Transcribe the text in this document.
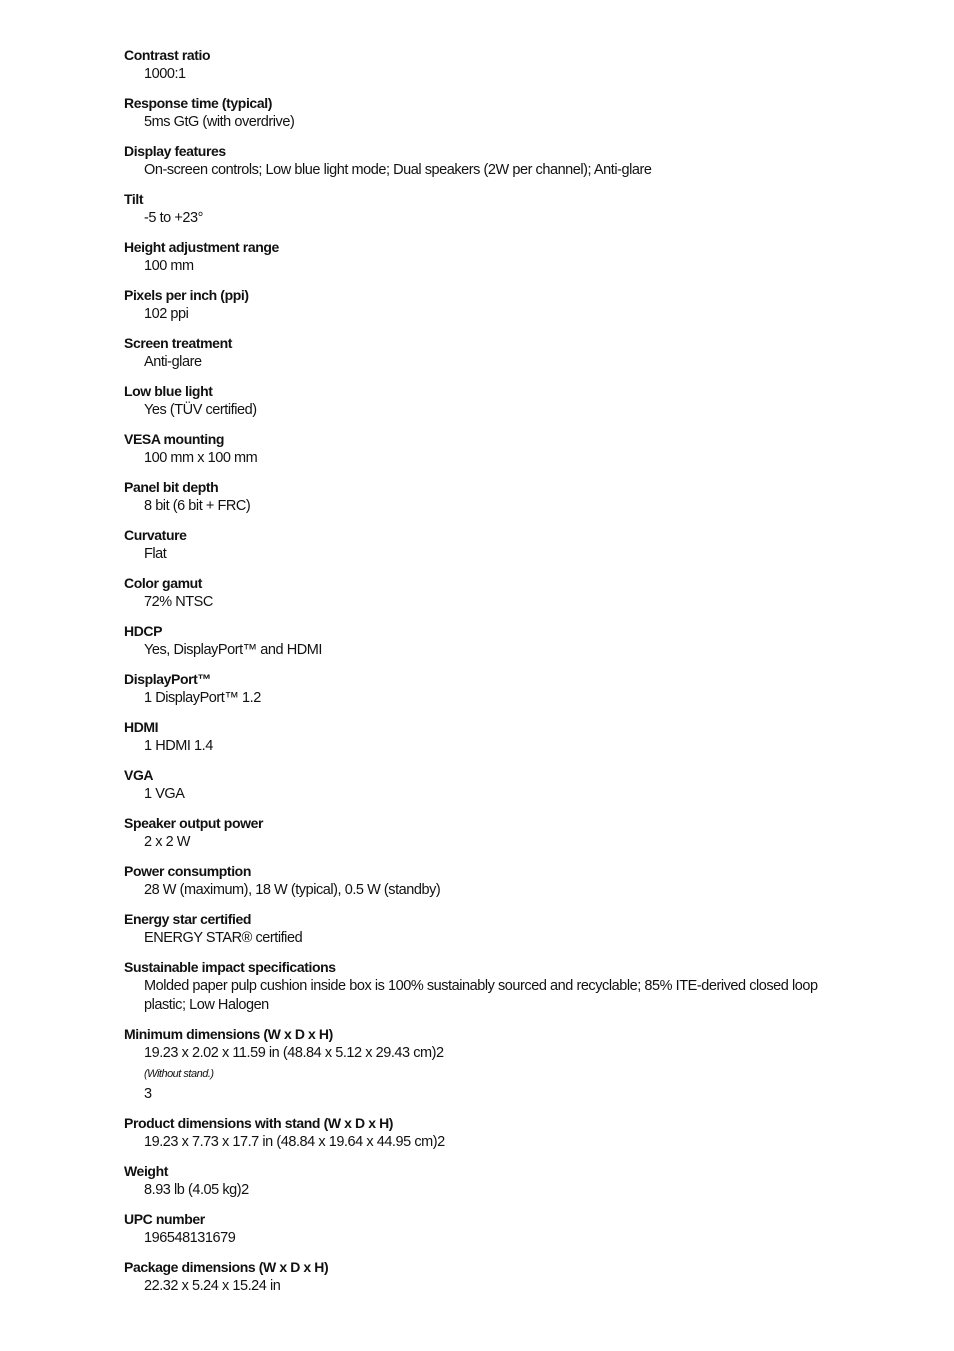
Contrast ratio
1000:1
Response time (typical)
5ms GtG (with overdrive)
Display features
On-screen controls; Low blue light mode; Dual speakers (2W per channel); Anti-glare
Tilt
-5 to +23°
Height adjustment range
100 mm
Pixels per inch (ppi)
102 ppi
Screen treatment
Anti-glare
Low blue light
Yes (TÜV certified)
VESA mounting
100 mm x 100 mm
Panel bit depth
8 bit (6 bit + FRC)
Curvature
Flat
Color gamut
72% NTSC
HDCP
Yes, DisplayPort™ and HDMI
DisplayPort™
1 DisplayPort™ 1.2
HDMI
1 HDMI 1.4
VGA
1 VGA
Speaker output power
2 x 2 W
Power consumption
28 W (maximum), 18 W (typical), 0.5 W (standby)
Energy star certified
ENERGY STAR® certified
Sustainable impact specifications
Molded paper pulp cushion inside box is 100% sustainably sourced and recyclable; 85% ITE-derived closed loop plastic; Low Halogen
Minimum dimensions (W x D x H)
19.23 x 2.02 x 11.59 in (48.84 x 5.12 x 29.43 cm)2
(Without stand.)
3
Product dimensions with stand (W x D x H)
19.23 x 7.73 x 17.7 in (48.84 x 19.64 x 44.95 cm)2
Weight
8.93 lb (4.05 kg)2
UPC number
196548131679
Package dimensions (W x D x H)
22.32 x 5.24 x 15.24 in
